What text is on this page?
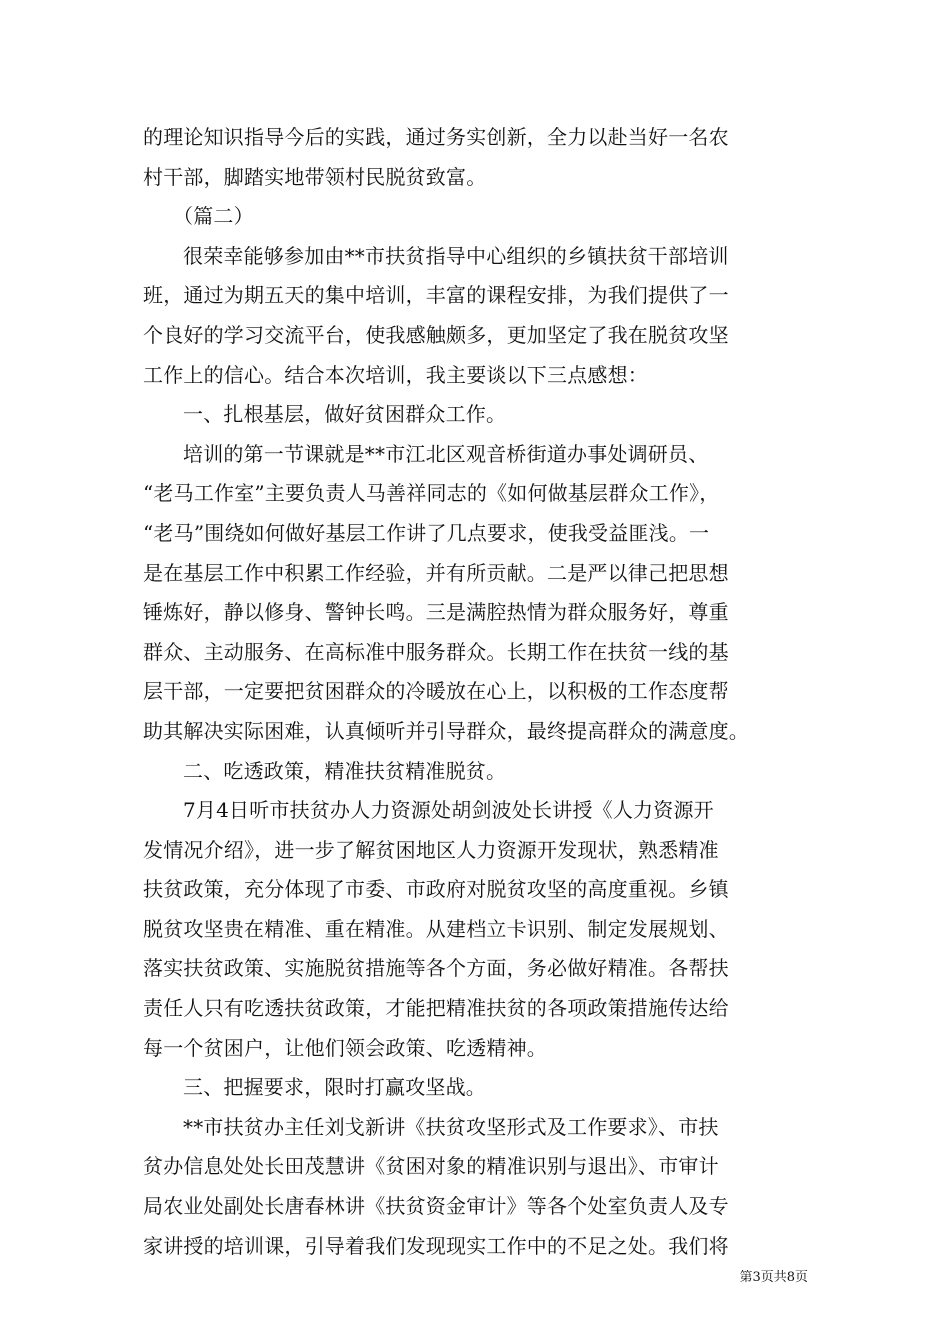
的理论知识指导今后的实践，通过务实创新，全力以赴当好一名农
村干部，脚踏实地带领村民脱贫致富。

（篇二）

很荣幸能够参加由**市扶贫指导中心组织的乡镇扶贫干部培训
班，通过为期五天的集中培训，丰富的课程安排，为我们提供了一
个良好的学习交流平台，使我感触颇多，更加坚定了我在脱贫攻坚
工作上的信心。结合本次培训，我主要谈以下三点感想：

一、扎根基层，做好贫困群众工作。

培训的第一节课就是**市江北区观音桥街道办事处调研员、
“老马工作室”主要负责人马善祥同志的《如何做基层群众工作》，
“老马”围绕如何做好基层工作讲了几点要求，使我受益匪浅。一
是在基层工作中积累工作经验，并有所贡献。二是严以律己把思想
锤炼好，静以修身、警钟长鸣。三是满腔热情为群众服务好，尊重
群众、主动服务、在高标准中服务群众。长期工作在扶贫一线的基
层干部，一定要把贫困群众的冷暖放在心上，以积极的工作态度帮
助其解决实际困难，认真倾听并引导群众，最终提高群众的满意度。

二、吃透政策，精准扶贫精准脱贫。

7月4日听市扶贫办人力资源处胡剑波处长讲授《人力资源开
发情况介绍》，进一步了解贫困地区人力资源开发现状，熟悉精准
扶贫政策，充分体现了市委、市政府对脱贫攻坚的高度重视。乡镇
脱贫攻坚贵在精准、重在精准。从建档立卡识别、制定发展规划、
落实扶贫政策、实施脱贫措施等各个方面，务必做好精准。各帮扶
责任人只有吃透扶贫政策，才能把精准扶贫的各项政策措施传达给
每一个贫困户，让他们领会政策、吃透精神。

三、把握要求，限时打赢攻坚战。

**市扶贫办主任刘戈新讲《扶贫攻坚形式及工作要求》、市扶
贫办信息处处长田茂慧讲《贫困对象的精准识别与退出》、市审计
局农业处副处长唐春林讲《扶贫资金审计》等各个处室负责人及专
家讲授的培训课，引导着我们发现现实工作中的不足之处。我们将

第3页共8页
